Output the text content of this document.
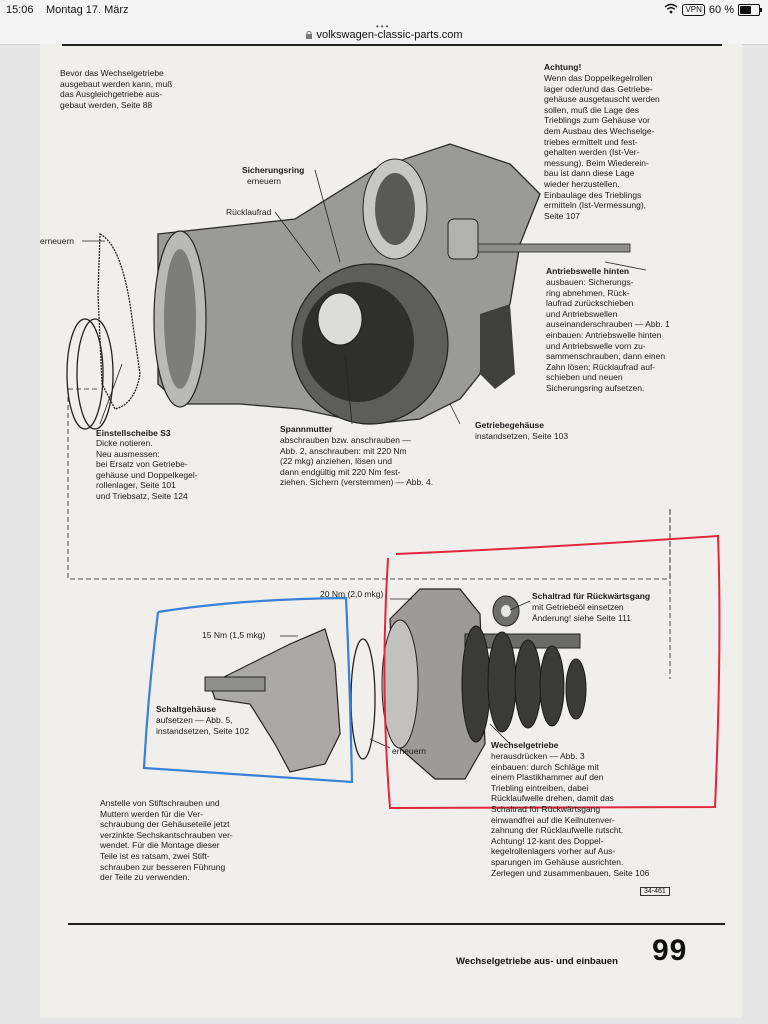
15:06 Montag 17. März	VPN 60 %
•••
volkswagen-classic-parts.com
Bevor das Wechselgetriebe
ausgebaut werden kann, muß
das Ausgleichgetriebe aus-
gebaut werden, Seite 88
Achtung!
Wenn das Doppelkegelrollen
lager oder/und das Getriebe-
gehäuse ausgetauscht werden
sollen, muß die Lage des
Trieblings zum Gehäuse vor
dem Ausbau des Wechselge-
triebes ermittelt und fest-
gehalten werden (Ist-Ver-
messung). Beim Wiederein-
bau ist dann diese Lage
wieder herzustellen.
Einbaulage des Trieblings
ermitteln (Ist-Vermessung),
Seite 107
Sicherungsring
erneuern
Rücklaufrad
erneuern
Antriebswelle hinten
ausbauen: Sicherungs-
ring abnehmen, Rück-
laufrad zurückschieben
und Antriebswellen
auseinanderschrauben — Abb. 1
einbauen: Antriebswelle hinten
und Antriebswelle vorn zu-
sammenschrauben, dann einen
Zahn lösen; Rücklaufrad auf-
schieben und neuen
Sicherungsring aufsetzen.
Getriebegehäuse
instandsetzen, Seite 103
Einstellscheibe S3
Dicke notieren.
Neu ausmessen:
bei Ersatz von Getriebe-
gehäuse und Doppelkegel-
rollenlager, Seite 101
und Triebsatz, Seite 124
Spannmutter
abschrauben bzw. anschrauben —
Abb. 2, anschrauben: mit 220 Nm
(22 mkg) anziehen, lösen und
dann endgültig mit 220 Nm fest-
ziehen. Sichern (verstemmen) — Abb. 4.
20 Nm (2,0 mkg)
15 Nm (1,5 mkg)
Schaltrad für Rückwärtsgang
mit Getriebeöl einsetzen
Änderung! siehe Seite 111
Schaltgehäuse
aufsetzen — Abb. 5,
instandsetzen, Seite 102
erneuern
Wechselgetriebe
herausdrücken — Abb. 3
einbauen: durch Schläge mit
einem Plastikhammer auf den
Triebling eintreiben, dabei
Rücklaufwelle drehen, damit das
Schaltrad für Rückwärtsgang
einwandfrei auf die Keilnutenver-
zahnung der Rücklaufwelle rutscht.
Achtung! 12-kant des Doppel-
kegelrollenlagers vorher auf Aus-
sparungen im Gehäuse ausrichten.
Zerlegen und zusammenbauen, Seite 106
Anstelle von Stiftschrauben und
Muttern werden für die Ver-
schraubung der Gehäuseteile jetzt
verzinkte Sechskantschrauben ver-
wendet. Für die Montage dieser
Teile ist es ratsam, zwei Stift-
schrauben zur besseren Führung
der Teile zu verwenden.
34-461
Wechselgetriebe aus- und einbauen 99
